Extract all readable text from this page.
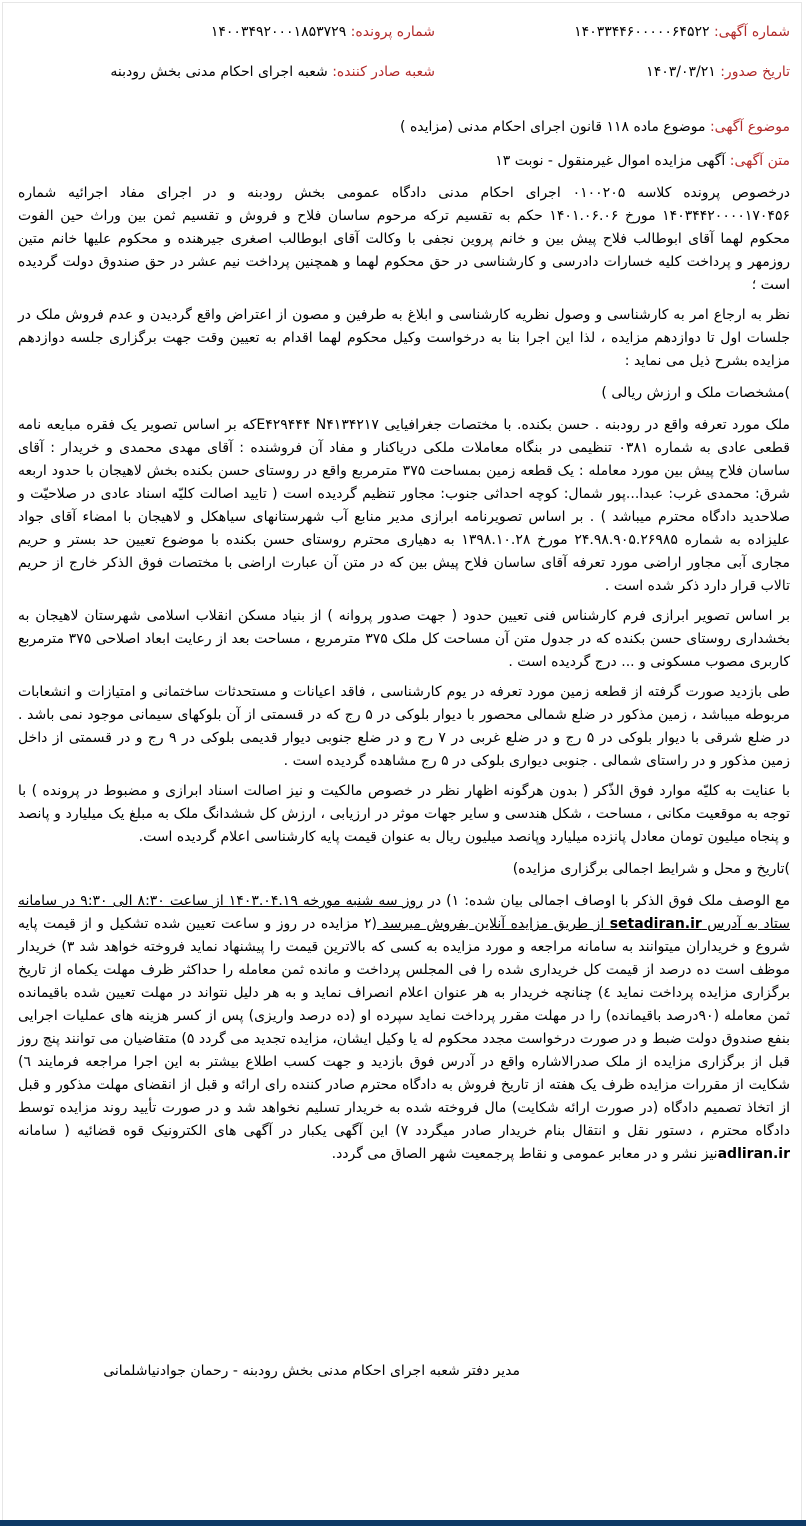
شماره آگهی: ۱۴۰۳۳۴۴۶۰۰۰۰۰۶۴۵۲۲
شماره پرونده: ۱۴۰۰۳۴۹۲۰۰۰۱۸۵۳۷۲۹
تاریخ صدور: ۱۴۰۳/۰۳/۲۱
شعبه صادر کننده: شعبه اجرای احکام مدنی بخش رودبنه
موضوع آگهی: موضوع ماده ۱۱۸ قانون اجرای احکام مدنی (مزایده )
متن آگهی: آگهی مزایده اموال غیرمنقول - نوبت ۱۳

درخصوص پرونده کلاسه ۰۱۰۰۲۰۵ اجرای احکام مدنی دادگاه عمومی بخش رودبنه و در اجرای مفاد اجرائیه شماره ۱۴۰۳۴۴۲۰۰۰۰۱۷۰۴۵۶ مورخ ۱۴۰۱.۰۶.۰۶ حکم به تقسیم ترکه مرحوم ساسان فلاح و فروش و تقسیم ثمن بین وراث حین الفوت محکوم لهما آقای ابوطالب فلاح پیش بین و خانم پروین نجفی با وکالت آقای ابوطالب اصغری جیرهنده و محکوم علیها خانم متین روزمهر و پرداخت کلیه خسارات دادرسی و کارشناسی در حق محکوم لهما و همچنین پرداخت نیم عشر در حق صندوق دولت گردیده است ؛

نظر به ارجاع امر به کارشناسی و وصول نظریه کارشناسی و ابلاغ به طرفین و مصون از اعتراض واقع گردیدن و عدم فروش ملک در جلسات اول تا دوازدهم مزایده ، لذا این اجرا بنا به درخواست وکیل محکوم لهما اقدام به تعیین وقت جهت برگزاری جلسه دوازدهم مزایده بشرح ذیل می نماید :

)مشخصات ملک و ارزش ریالی )

ملک مورد تعرفه واقع در رودبنه . حسن بکنده. با مختصات جغرافیایی E۴۲۹۴۴۴ N۴۱۳۴۲۱۷که بر اساس تصویر یک فقره مبایعه نامه قطعی عادی به شماره ۰۳۸۱ تنظیمی در بنگاه معاملات ملکی دریاکنار و مفاد آن فروشنده : آقای مهدی محمدی و خریدار : آقای ساسان فلاح پیش بین مورد معامله : یک قطعه زمین بمساحت ۳۷۵ مترمربع واقع در روستای حسن بکنده بخش لاهیجان با حدود اربعه شرق: محمدی غرب: عبدا...پور شمال: کوچه احداثی جنوب: مجاور تنظیم گردیده است ( تایید اصالت کلیّه اسناد عادی در صلاحیّت و صلاحدید دادگاه محترم میباشد ) . بر اساس تصویرنامه ابرازی مدیر منابع آب شهرستانهای سیاهکل و لاهیجان با امضاء آقای جواد علیزاده به شماره ۲۴.۹۸.۹۰۵.۲۶۹۸۵ مورخ ۱۳۹۸.۱۰.۲۸ به دهیاری محترم روستای حسن بکنده با موضوع تعیین حد بستر و حریم مجاری آبی مجاور اراضی مورد تعرفه آقای ساسان فلاح پیش بین که در متن آن عبارت اراضی با مختصات فوق الذکر خارج از حریم تالاب قرار دارد ذکر شده است .

بر اساس تصویر ابرازی فرم کارشناس فنی تعیین حدود ( جهت صدور پروانه ) از بنیاد مسکن انقلاب اسلامی شهرستان لاهیجان به بخشداری روستای حسن بکنده که در جدول متن آن مساحت کل ملک ۳۷۵ مترمربع ، مساحت بعد از رعایت ابعاد اصلاحی ۳۷۵ مترمربع کاربری مصوب مسکونی و ... درج گردیده است .

طی بازدید صورت گرفته از قطعه زمین مورد تعرفه در یوم کارشناسی ، فاقد اعیانات و مستحدثات ساختمانی و امتیازات و انشعابات مربوطه میباشد ، زمین مذکور در ضلع شمالی محصور با دیوار بلوکی در ۵ رج که در قسمتی از آن بلوکهای سیمانی موجود نمی باشد . در ضلع شرقی با دیوار بلوکی در ۵ رج و در ضلع غربی در ۷ رج و در ضلع جنوبی دیوار قدیمی بلوکی در ۹ رج و در قسمتی از داخل زمین مذکور و در راستای شمالی . جنوبی دیواری بلوکی در ۵ رج مشاهده گردیده است .

با عنایت به کلیّه موارد فوق الذّکر ( بدون هرگونه اظهار نظر در خصوص مالکیت و نیز اصالت اسناد ابرازی و مضبوط در پرونده ) با توجه به موقعیت مکانی ، مساحت ، شکل هندسی و سایر جهات موثر در ارزیابی ، ارزش کل ششدانگ ملک به مبلغ یک میلیارد و پانصد و پنجاه میلیون تومان معادل پانزده میلیارد وپانصد میلیون ریال به عنوان قیمت پایه کارشناسی اعلام گردیده است.

)تاریخ و محل و شرایط اجمالی برگزاری مزایده)

مع الوصف ملک فوق الذکر با اوصاف اجمالی بیان شده: ۱) در روز سه شنبه مورخه ۱۴۰۳.۰۴.۱۹ از ساعت ۸:۳۰ الی ۹:۳۰ در سامانه ستاد به آدرس setadiran.ir از طریق مزایده آنلاین بفروش میرسد (۲ مزایده در روز و ساعت تعیین شده تشکیل و از قیمت پایه شروع و خریداران میتوانند به سامانه مراجعه و مورد مزایده به کسی که بالاترین قیمت را پیشنهاد نماید فروخته خواهد شد ۳) خریدار موظف است ده درصد از قیمت کل خریداری شده را فی المجلس پرداخت و مانده ثمن معامله را حداکثر ظرف مهلت یکماه از تاریخ برگزاری مزایده پرداخت نماید ٤) چنانچه خریدار به هر عنوان اعلام انصراف نماید و به هر دلیل نتواند در مهلت تعیین شده باقیمانده ثمن معامله (۹۰درصد باقیمانده) را در مهلت مقرر پرداخت نماید سپرده او (ده درصد واریزی) پس از کسر هزینه های عملیات اجرایی بنفع صندوق دولت ضبط و در صورت درخواست مجدد محکوم له یا وکیل ایشان، مزایده تجدید می گردد ۵) متقاضیان می توانند پنج روز قبل از برگزاری مزایده از ملک صدرالاشاره واقع در آدرس فوق بازدید و جهت کسب اطلاع بیشتر به این اجرا مراجعه فرمایند ٦) شکایت از مقررات مزایده ظرف یک هفته از تاریخ فروش به دادگاه محترم صادر کننده رای ارائه و قبل از انقضای مهلت مذکور و قبل از اتخاذ تصمیم دادگاه (در صورت ارائه شکایت) مال فروخته شده به خریدار تسلیم نخواهد شد و در صورت تأیید روند مزایده توسط دادگاه محترم ، دستور نقل و انتقال بنام خریدار صادر میگردد ۷) این آگهی یکبار در آگهی های الکترونیک قوه قضائیه ( سامانه adliran.irنیز نشر و در معابر عمومی و نقاط پرجمعیت شهر الصاق می گردد.

مدیر دفتر شعبه اجرای احکام مدنی بخش رودبنه - رحمان جوادنیاشلمانی
